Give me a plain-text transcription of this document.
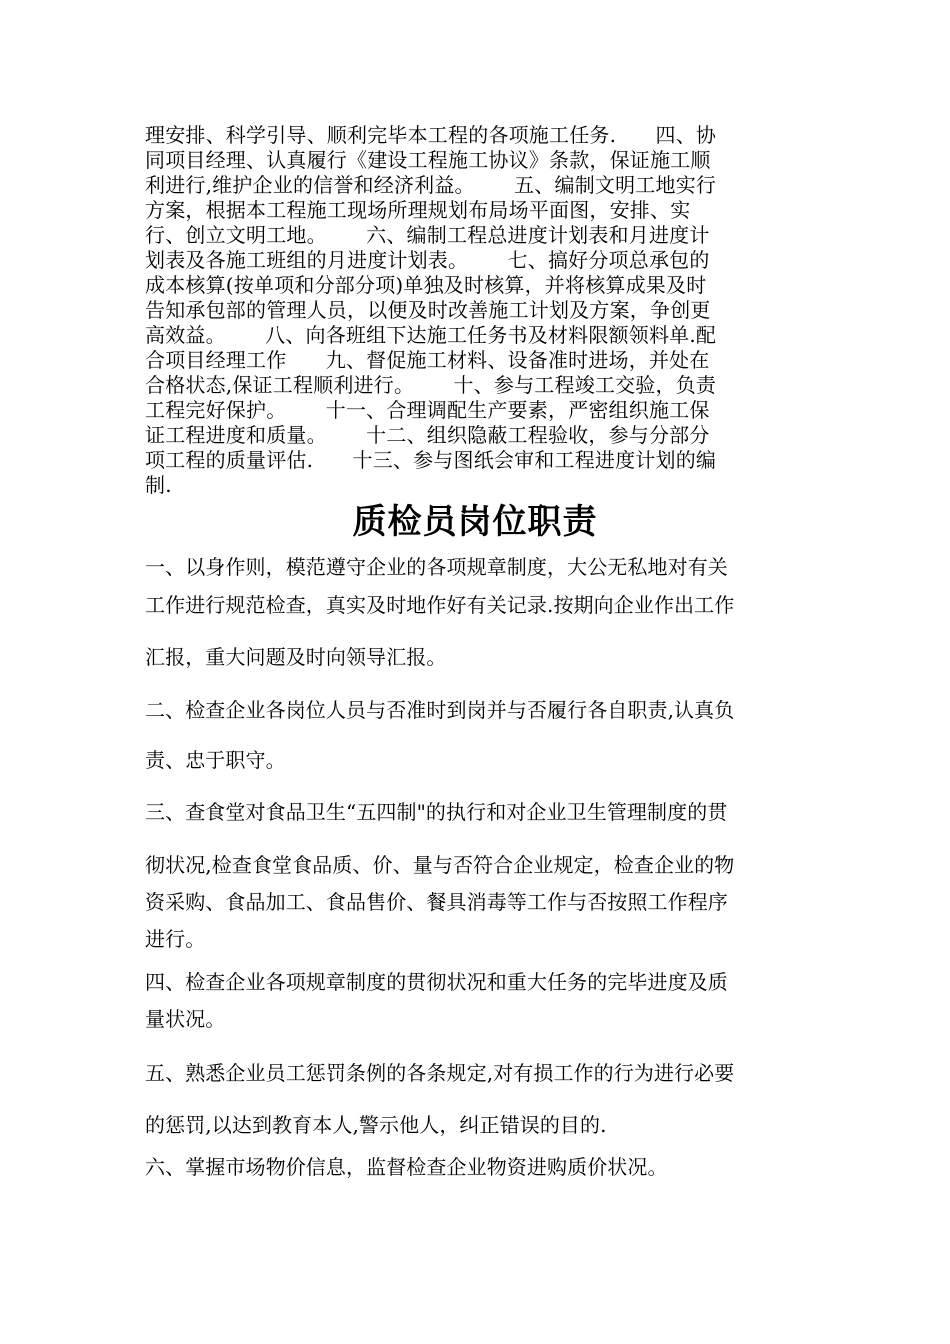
理安排、科学引导、顺利完毕本工程的各项施工任务.      四、协
同项目经理、认真履行《建设工程施工协议》条款，保证施工顺
利进行,维护企业的信誉和经济利益。      五、编制文明工地实行
方案，根据本工程施工现场所理规划布局场平面图，安排、实
行、创立文明工地。      六、编制工程总进度计划表和月进度计
划表及各施工班组的月进度计划表。      七、搞好分项总承包的
成本核算(按单项和分部分项)单独及时核算，并将核算成果及时
告知承包部的管理人员，以便及时改善施工计划及方案，争创更
高效益。      八、向各班组下达施工任务书及材料限额领料单.配
合项目经理工作      九、督促施工材料、设备准时进场，并处在
合格状态,保证工程顺利进行。      十、参与工程竣工交验，负责
工程完好保护。      十一、合理调配生产要素，严密组织施工保
证工程进度和质量。      十二、组织隐蔽工程验收，参与分部分
项工程的质量评估.      十三、参与图纸会审和工程进度计划的编
制.
质检员岗位职责
一、以身作则，模范遵守企业的各项规章制度，大公无私地对有关
工作进行规范检查，真实及时地作好有关记录.按期向企业作出工作
汇报，重大问题及时向领导汇报。
二、检查企业各岗位人员与否准时到岗并与否履行各自职责,认真负
责、忠于职守。
三、查食堂对食品卫生“五四制"的执行和对企业卫生管理制度的贯
彻状况,检查食堂食品质、价、量与否符合企业规定，检查企业的物
资采购、食品加工、食品售价、餐具消毒等工作与否按照工作程序
进行。
四、检查企业各项规章制度的贯彻状况和重大任务的完毕进度及质
量状况。
五、熟悉企业员工惩罚条例的各条规定,对有损工作的行为进行必要
的惩罚,以达到教育本人,警示他人，纠正错误的目的.
六、掌握市场物价信息，监督检查企业物资进购质价状况。
